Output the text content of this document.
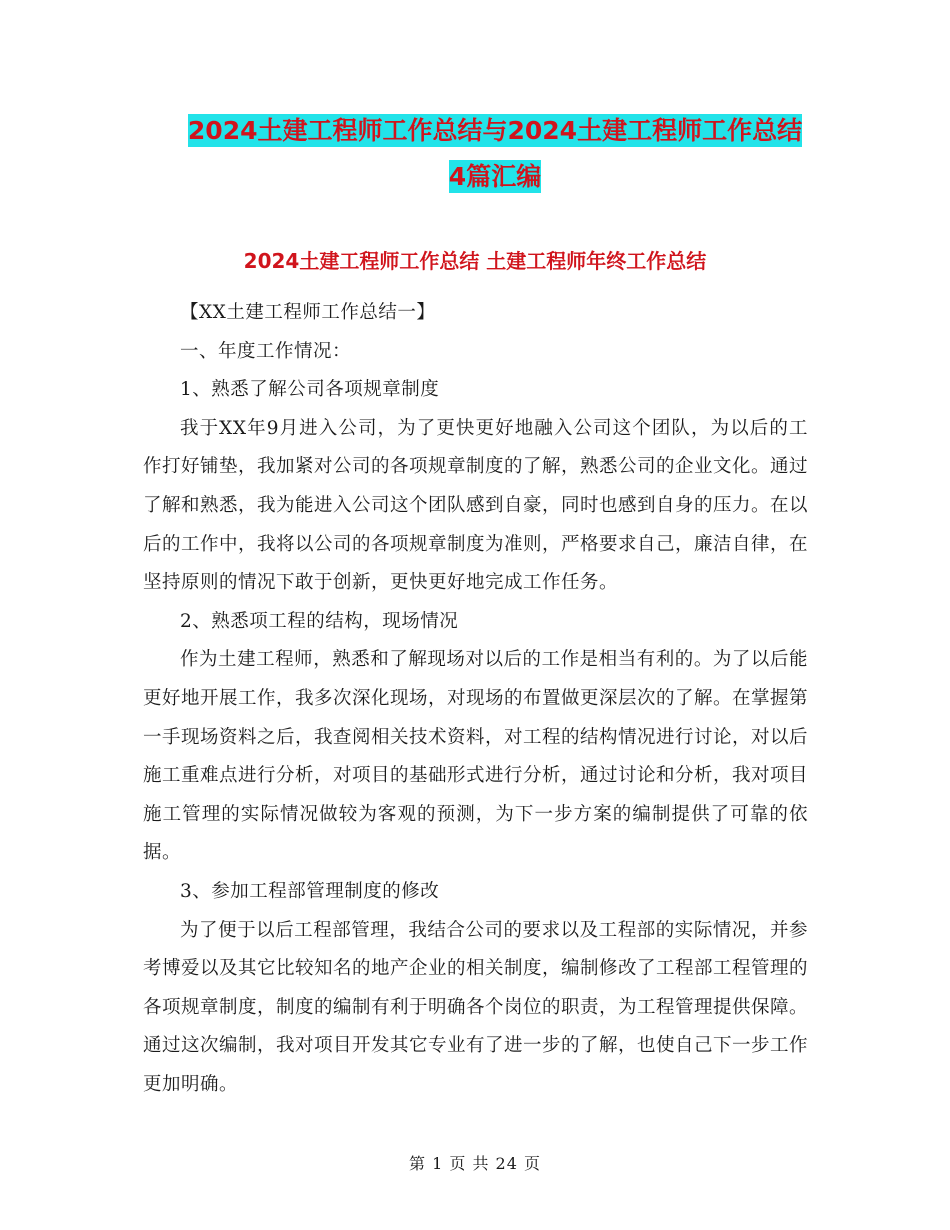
2024土建工程师工作总结与2024土建工程师工作总结
4篇汇编
2024土建工程师工作总结 土建工程师年终工作总结

【XX土建工程师工作总结一】

一、年度工作情况：

1、熟悉了解公司各项规章制度

我于XX年9月进入公司，为了更快更好地融入公司这个团队，为以后的工作打好铺垫，我加紧对公司的各项规章制度的了解，熟悉公司的企业文化。通过了解和熟悉，我为能进入公司这个团队感到自豪，同时也感到自身的压力。在以后的工作中，我将以公司的各项规章制度为准则，严格要求自己，廉洁自律，在坚持原则的情况下敢于创新，更快更好地完成工作任务。

2、熟悉项工程的结构，现场情况

作为土建工程师，熟悉和了解现场对以后的工作是相当有利的。为了以后能更好地开展工作，我多次深化现场，对现场的布置做更深层次的了解。在掌握第一手现场资料之后，我查阅相关技术资料，对工程的结构情况进行讨论，对以后施工重难点进行分析，对项目的基础形式进行分析，通过讨论和分析，我对项目施工管理的实际情况做较为客观的预测，为下一步方案的编制提供了可靠的依据。

3、参加工程部管理制度的修改

为了便于以后工程部管理，我结合公司的要求以及工程部的实际情况，并参考博爱以及其它比较知名的地产企业的相关制度，编制修改了工程部工程管理的各项规章制度，制度的编制有利于明确各个岗位的职责，为工程管理提供保障。通过这次编制，我对项目开发其它专业有了进一步的了解，也使自己下一步工作更加明确。

第 1 页 共 24 页
